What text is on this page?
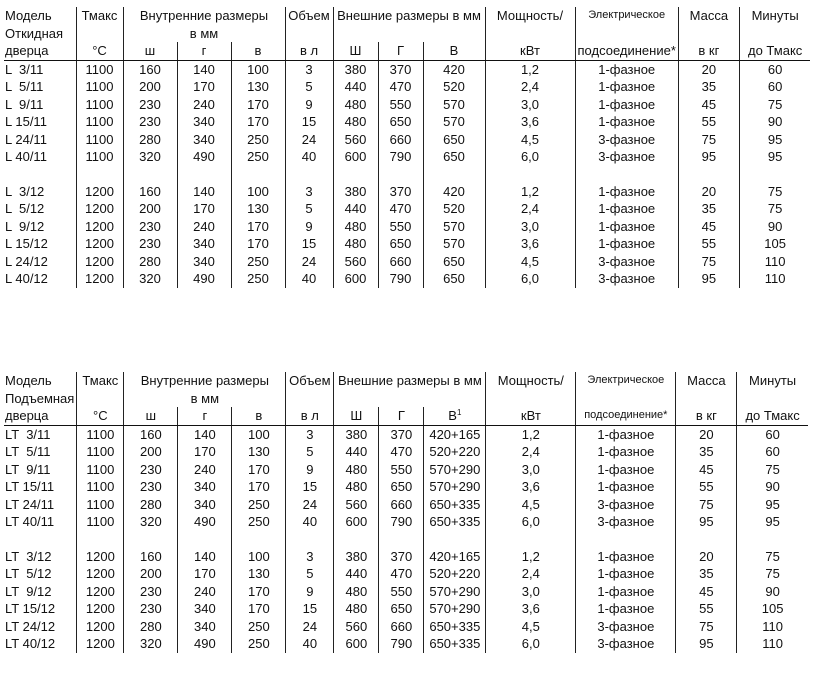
Модель	Тмакс	Внутренние размеры			Объем	Внешние размеры в мм			Мощность/	Электрическое	Масса	Минуты
Откидная дверца		в мм										
	°C	ш	г	в	в л	Ш	Г	В	кВт	подсоединение*	в кг	до Тмакс
L  3/11	1100	160	140	100	3	380	370	420	1,2	1-фазное	20	60
L  5/11	1100	200	170	130	5	440	470	520	2,4	1-фазное	35	60
L  9/11	1100	230	240	170	9	480	550	570	3,0	1-фазное	45	75
L 15/11	1100	230	340	170	15	480	650	570	3,6	1-фазное	55	90
L 24/11	1100	280	340	250	24	560	660	650	4,5	3-фазное	75	95
L 40/11	1100	320	490	250	40	600	790	650	6,0	3-фазное	95	95

L  3/12	1200	160	140	100	3	380	370	420	1,2	1-фазное	20	75
L  5/12	1200	200	170	130	5	440	470	520	2,4	1-фазное	35	75
L  9/12	1200	230	240	170	9	480	550	570	3,0	1-фазное	45	90
L 15/12	1200	230	340	170	15	480	650	570	3,6	1-фазное	55	105
L 24/12	1200	280	340	250	24	560	660	650	4,5	3-фазное	75	110
L 40/12	1200	320	490	250	40	600	790	650	6,0	3-фазное	95	110
Модель	Тмакс	Внутренние размеры			Объем	Внешние размеры в мм			Мощность/	Электрическое	Масса	Минуты
Подъемная дверца		в мм										
	°C	ш	г	в	в л	Ш	Г	$В^1$	кВт	подсоединение*	в кг	до Тмакс
LT  3/11	1100	160	140	100	3	380	370	420+165	1,2	1-фазное	20	60
LT  5/11	1100	200	170	130	5	440	470	520+220	2,4	1-фазное	35	60
LT  9/11	1100	230	240	170	9	480	550	570+290	3,0	1-фазное	45	75
LT 15/11	1100	230	340	170	15	480	650	570+290	3,6	1-фазное	55	90
LT 24/11	1100	280	340	250	24	560	660	650+335	4,5	3-фазное	75	95
LT 40/11	1100	320	490	250	40	600	790	650+335	6,0	3-фазное	95	95

LT  3/12	1200	160	140	100	3	380	370	420+165	1,2	1-фазное	20	75
LT  5/12	1200	200	170	130	5	440	470	520+220	2,4	1-фазное	35	75
LT  9/12	1200	230	240	170	9	480	550	570+290	3,0	1-фазное	45	90
LT 15/12	1200	230	340	170	15	480	650	570+290	3,6	1-фазное	55	105
LT 24/12	1200	280	340	250	24	560	660	650+335	4,5	3-фазное	75	110
LT 40/12	1200	320	490	250	40	600	790	650+335	6,0	3-фазное	95	110
